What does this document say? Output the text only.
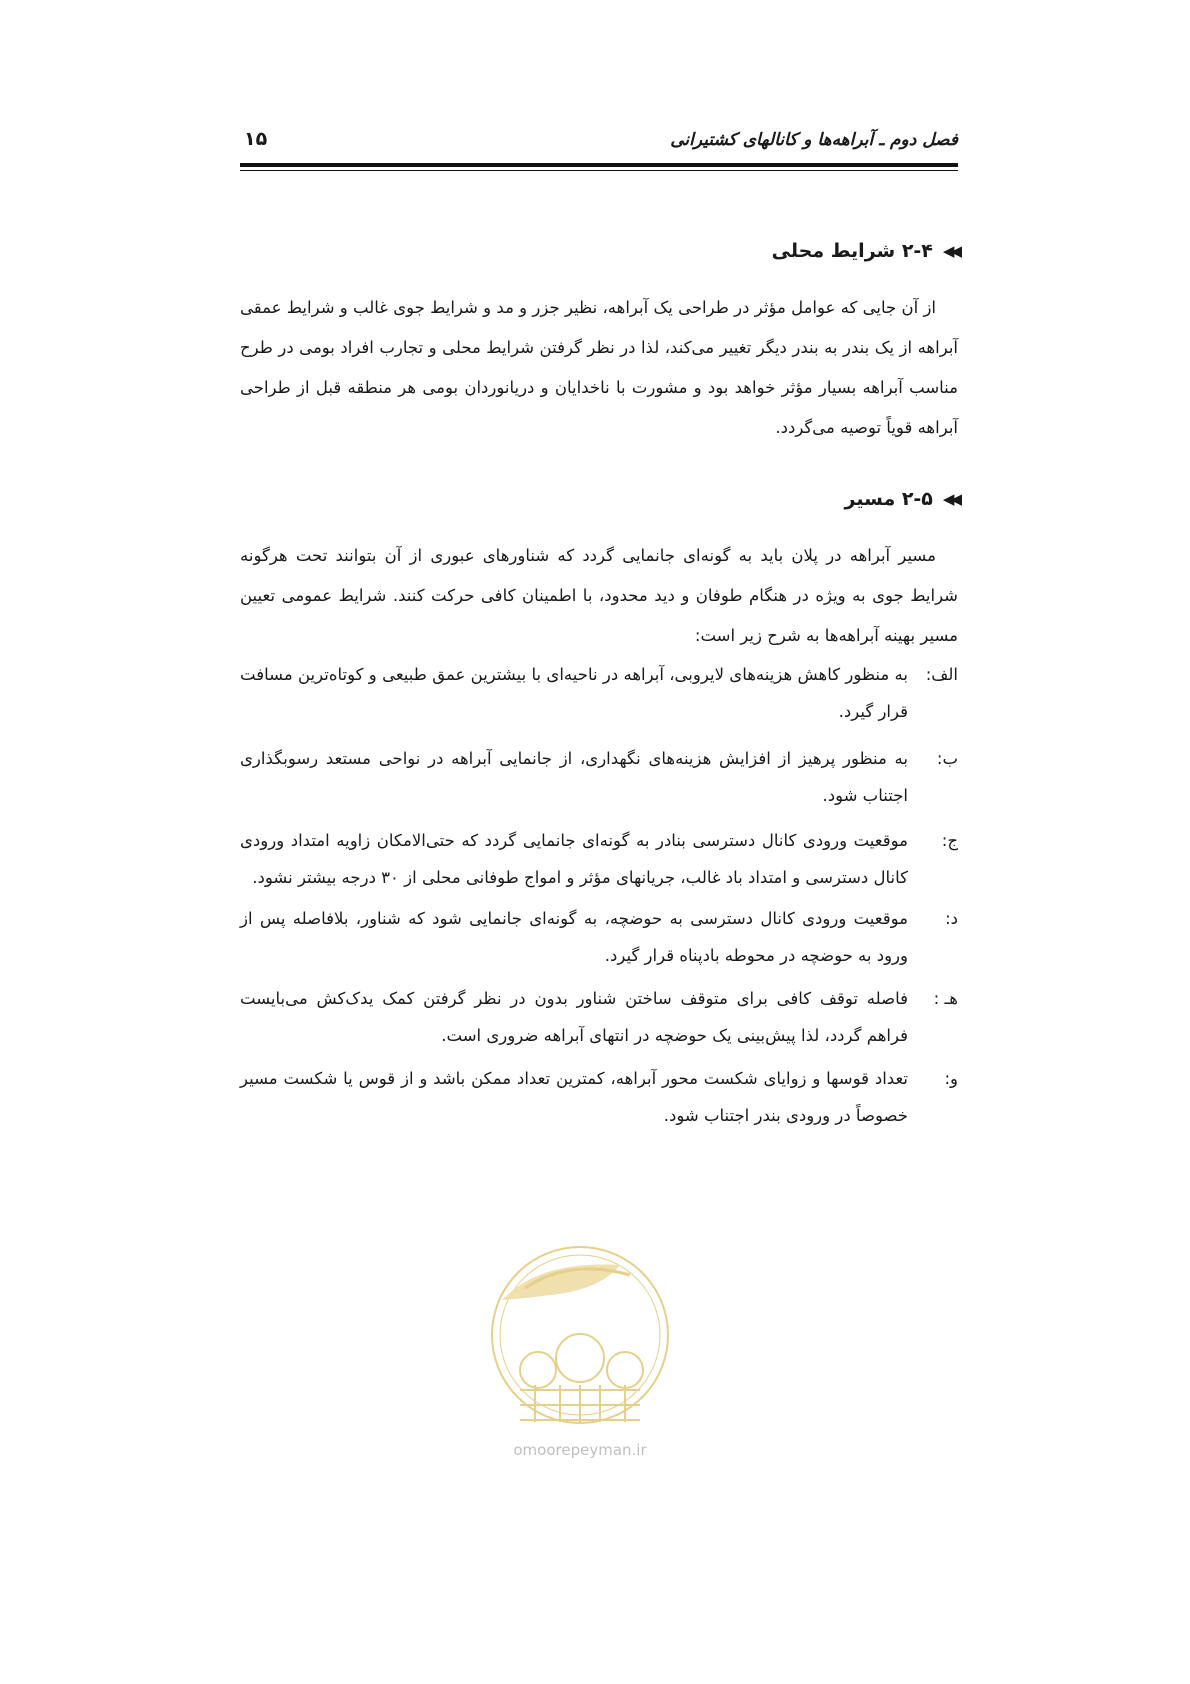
فصل دوم ـ آبراهه‌ها و کانالهای کشتیرانی
۱۵
◀◀
۲-۴ شرایط محلی
از آن جایی که عوامل مؤثر در طراحی یک آبراهه، نظیر جزر و مد و شرایط جوی غالب و شرایط عمقی آبراهه از یک بندر به بندر دیگر تغییر می‌کند، لذا در نظر گرفتن شرایط محلی و تجارب افراد بومی در طرح مناسب آبراهه بسیار مؤثر خواهد بود و مشورت با ناخدایان و دریانوردان بومی هر منطقه قبل از طراحی آبراهه قویاً توصیه می‌گردد.
◀◀
۲-۵ مسیر
مسیر آبراهه در پلان باید به گونه‌ای جانمایی گردد که شناورهای عبوری از آن بتوانند تحت هرگونه شرایط جوی به ویژه در هنگام طوفان و دید محدود، با اطمینان کافی حرکت کنند. شرایط عمومی تعیین مسیر بهینه آبراهه‌ها به شرح زیر است:
الف:
به منظور کاهش هزینه‌های لایروبی، آبراهه در ناحیه‌ای با بیشترین عمق طبیعی و کوتاه‌ترین مسافت قرار گیرد.
ب:
به منظور پرهیز از افزایش هزینه‌های نگهداری، از جانمایی آبراهه در نواحی مستعد رسوبگذاری اجتناب شود.
ج:
موقعیت ورودی کانال دسترسی بنادر به گونه‌ای جانمایی گردد که حتی‌الامکان زاویه امتداد ورودی کانال دسترسی و امتداد باد غالب، جریانهای مؤثر و امواج طوفانی محلی از ۳۰ درجه بیشتر نشود.
د:
موقعیت ورودی کانال دسترسی به حوضچه، به گونه‌ای جانمایی شود که شناور، بلافاصله پس از ورود به حوضچه در محوطه بادپناه قرار گیرد.
هـ :
فاصله توقف کافی برای متوقف ساختن شناور بدون در نظر گرفتن کمک یدک‌کش می‌بایست فراهم گردد، لذا پیش‌بینی یک حوضچه در انتهای آبراهه ضروری است.
و:
تعداد قوسها و زوایای شکست محور آبراهه، کمترین تعداد ممکن باشد و از قوس یا شکست مسیر خصوصاً در ورودی بندر اجتناب شود.
omoorepeyman.ir
